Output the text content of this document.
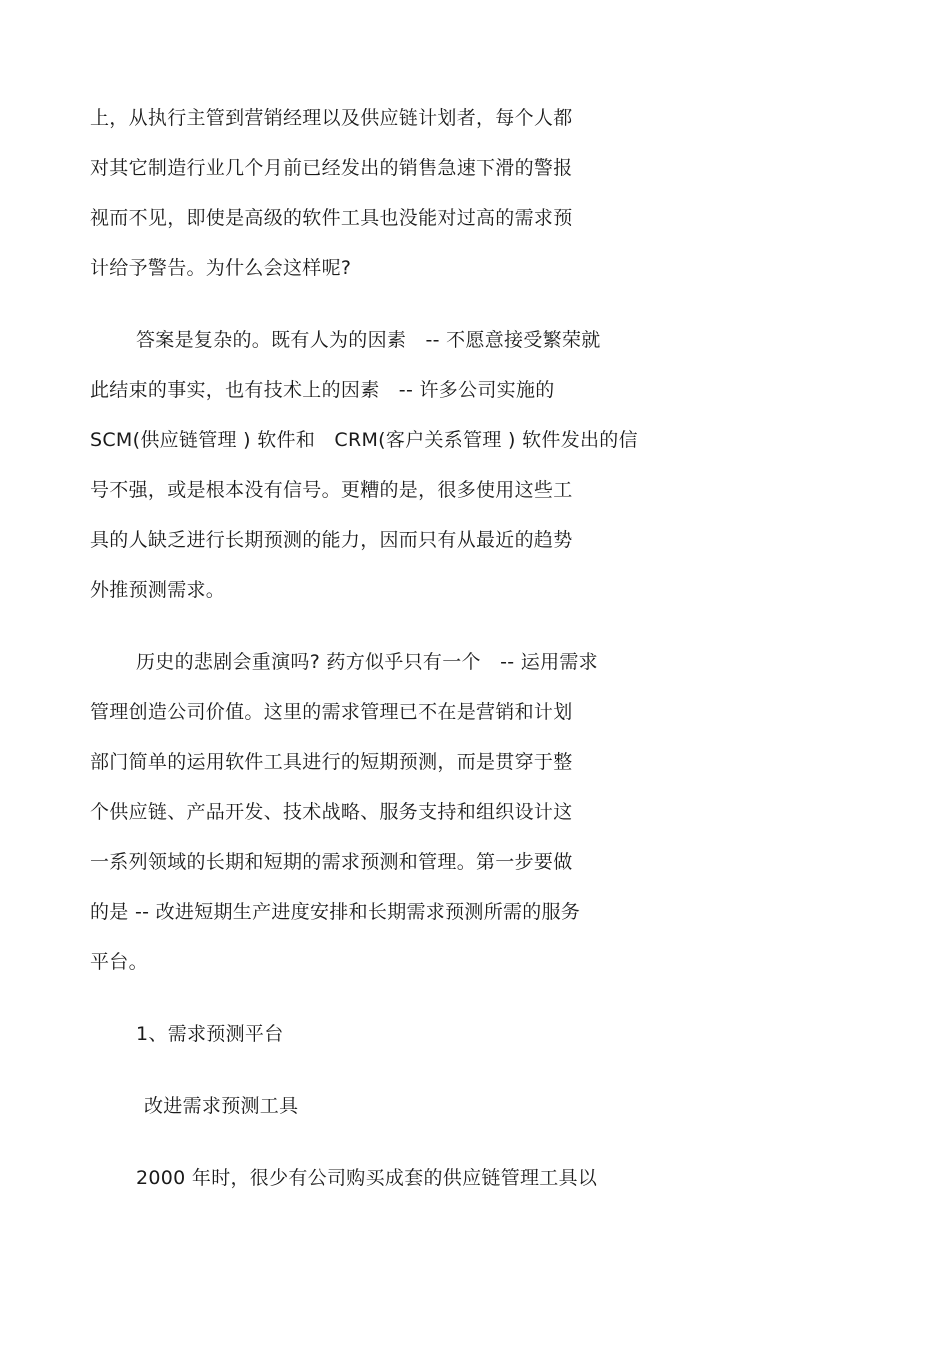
上，从执行主管到营销经理以及供应链计划者，每个人都
对其它制造行业几个月前已经发出的销售急速下滑的警报
视而不见，即使是高级的软件工具也没能对过高的需求预
计给予警告。为什么会这样呢?
答案是复杂的。既有人为的因素　-- 不愿意接受繁荣就
此结束的事实，也有技术上的因素　-- 许多公司实施的
SCM(供应链管理 ) 软件和　CRM(客户关系管理 ) 软件发出的信
号不强，或是根本没有信号。更糟的是，很多使用这些工
具的人缺乏进行长期预测的能力，因而只有从最近的趋势
外推预测需求。
历史的悲剧会重演吗? 药方似乎只有一个　-- 运用需求
管理创造公司价值。这里的需求管理已不在是营销和计划
部门简单的运用软件工具进行的短期预测，而是贯穿于整
个供应链、产品开发、技术战略、服务支持和组织设计这
一系列领域的长期和短期的需求预测和管理。第一步要做
的是 -- 改进短期生产进度安排和长期需求预测所需的服务
平台。
1、需求预测平台
改进需求预测工具
2000 年时，很少有公司购买成套的供应链管理工具以
